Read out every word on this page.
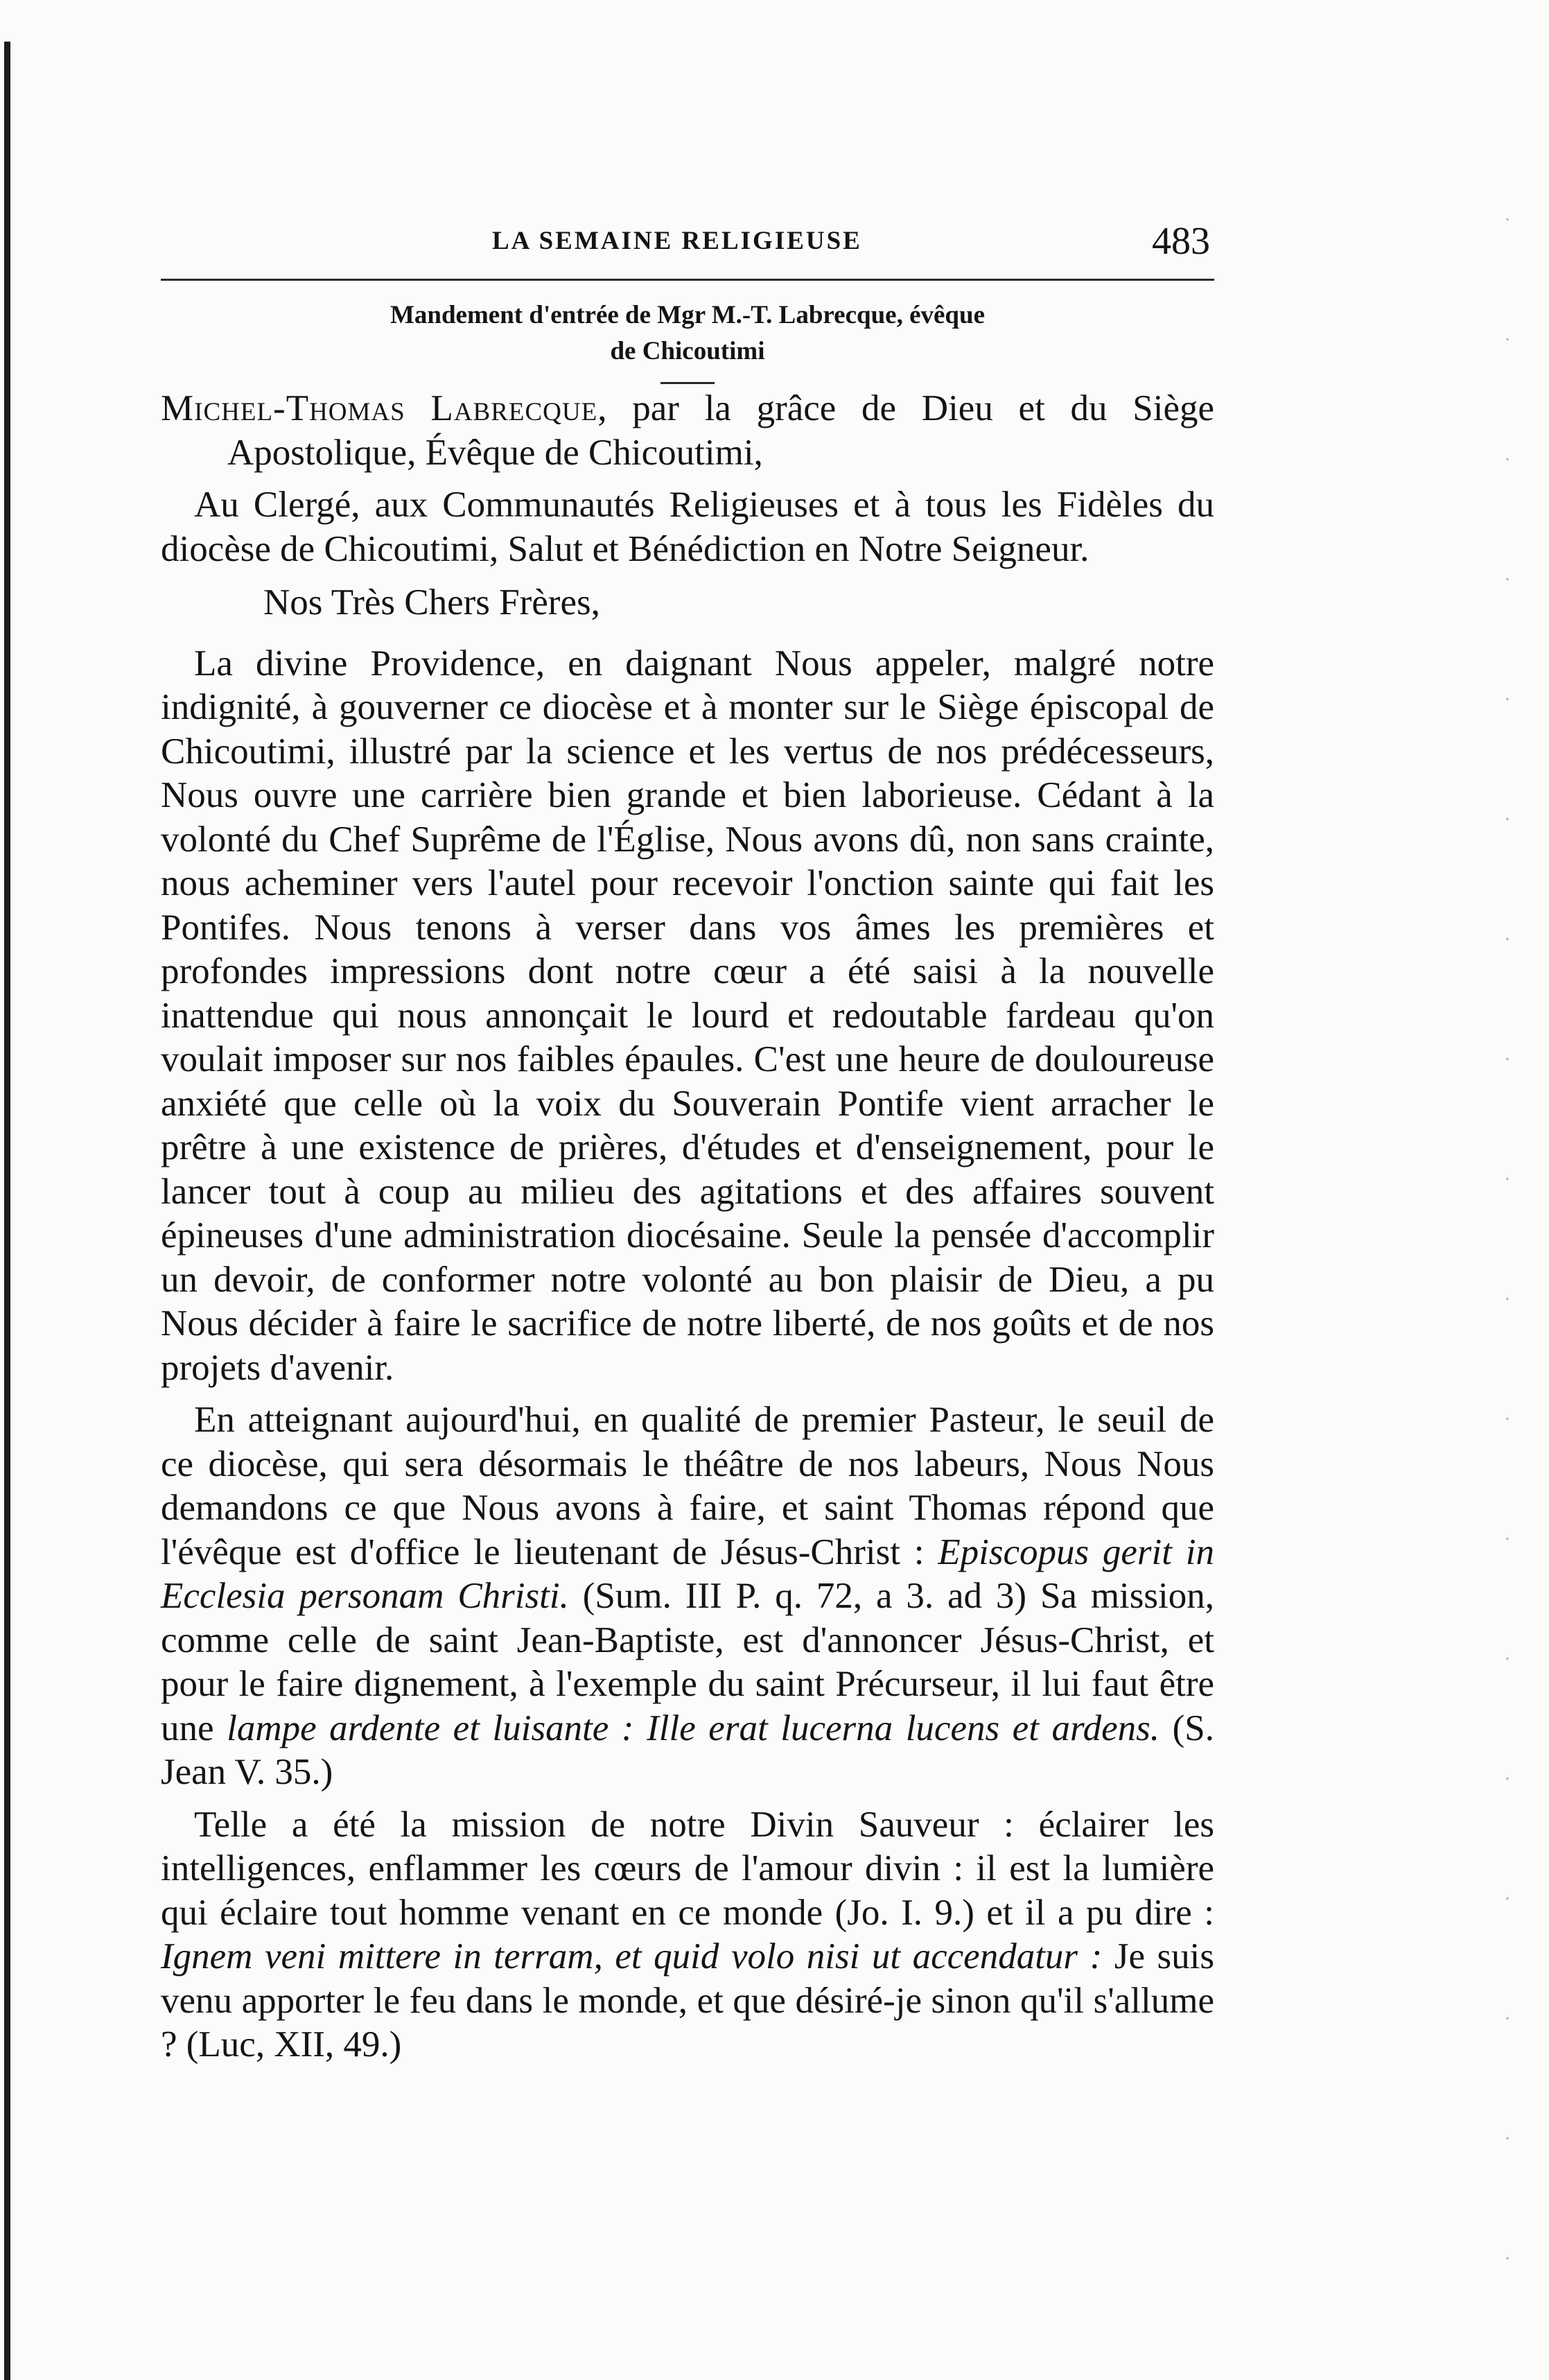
LA SEMAINE RELIGIEUSE	483
Mandement d'entrée de Mgr M.-T. Labrecque, évêque
de Chicoutimi

Michel-Thomas Labrecque, par la grâce de Dieu et du Siège Apostolique, Évêque de Chicoutimi,

Au Clergé, aux Communautés Religieuses et à tous les Fidèles du diocèse de Chicoutimi, Salut et Bénédiction en Notre Seigneur.

Nos Très Chers Frères,

La divine Providence, en daignant Nous appeler, malgré notre indignité, à gouverner ce diocèse et à monter sur le Siège épiscopal de Chicoutimi, illustré par la science et les vertus de nos prédécesseurs, Nous ouvre une carrière bien grande et bien laborieuse. Cédant à la volonté du Chef Suprême de l'Église, Nous avons dû, non sans crainte, nous acheminer vers l'autel pour recevoir l'onction sainte qui fait les Pontifes. Nous tenons à verser dans vos âmes les premières et profondes impressions dont notre cœur a été saisi à la nouvelle inattendue qui nous annonçait le lourd et redoutable fardeau qu'on voulait imposer sur nos faibles épaules. C'est une heure de douloureuse anxiété que celle où la voix du Souverain Pontife vient arracher le prêtre à une existence de prières, d'études et d'enseignement, pour le lancer tout à coup au milieu des agitations et des affaires souvent épineuses d'une administration diocésaine. Seule la pensée d'accomplir un devoir, de conformer notre volonté au bon plaisir de Dieu, a pu Nous décider à faire le sacrifice de notre liberté, de nos goûts et de nos projets d'avenir.

En atteignant aujourd'hui, en qualité de premier Pasteur, le seuil de ce diocèse, qui sera désormais le théâtre de nos labeurs, Nous Nous demandons ce que Nous avons à faire, et saint Thomas répond que l'évêque est d'office le lieutenant de Jésus-Christ : Episcopus gerit in Ecclesia personam Christi. (Sum. III P. q. 72, a 3. ad 3) Sa mission, comme celle de saint Jean-Baptiste, est d'annoncer Jésus-Christ, et pour le faire dignement, à l'exemple du saint Précurseur, il lui faut être une lampe ardente et luisante : Ille erat lucerna lucens et ardens. (S. Jean V. 35.)

Telle a été la mission de notre Divin Sauveur : éclairer les intelligences, enflammer les cœurs de l'amour divin : il est la lumière qui éclaire tout homme venant en ce monde (Jo. I. 9.) et il a pu dire : Ignem veni mittere in terram, et quid volo nisi ut accendatur : Je suis venu apporter le feu dans le monde, et que désiré-je sinon qu'il s'allume ? (Luc, XII, 49.)
